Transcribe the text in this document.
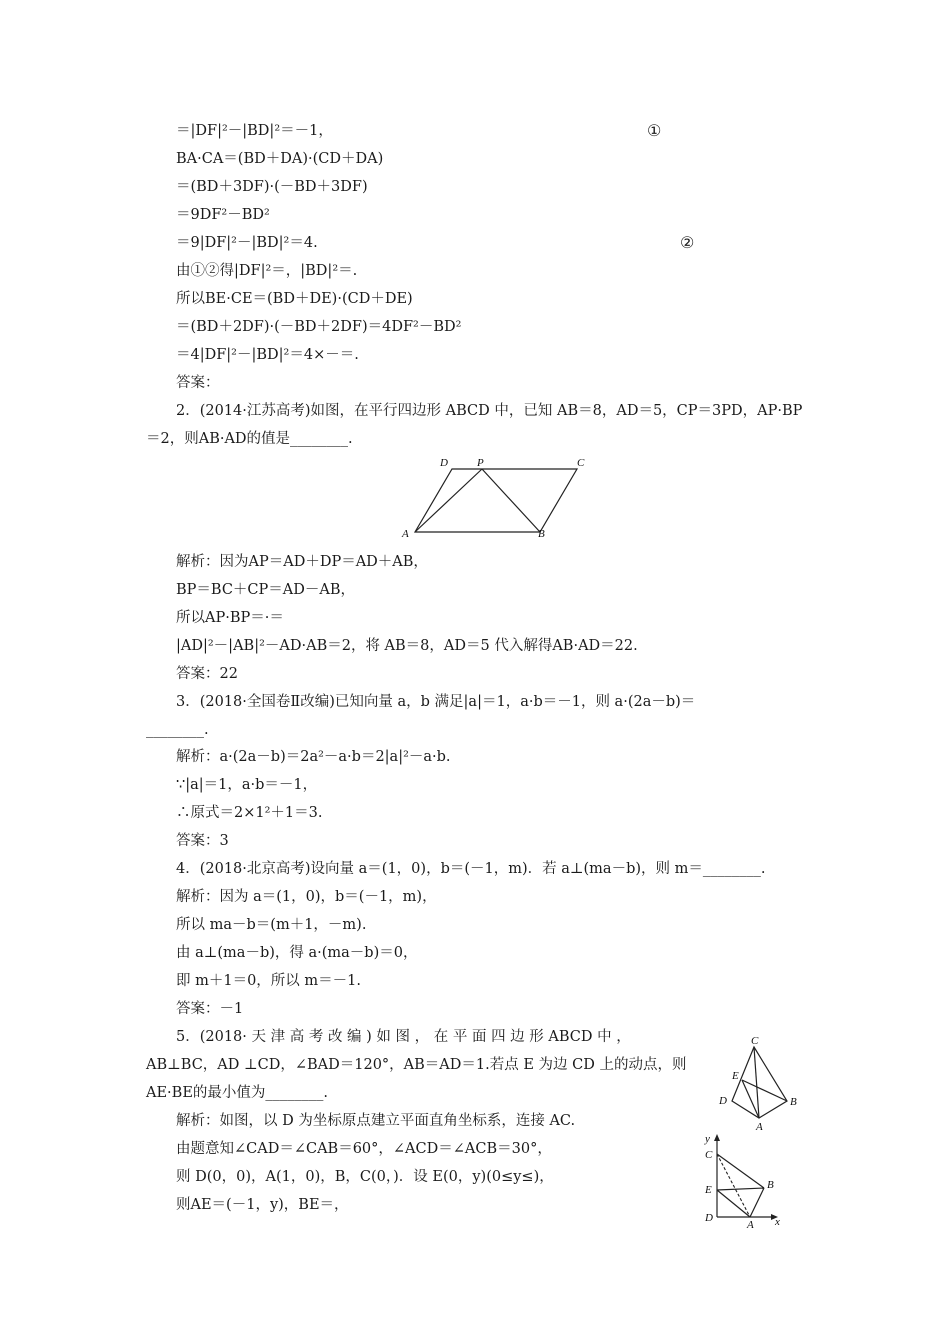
＝|DF|²－|BD|²＝－1，	①
BA·CA＝(BD＋DA)·(CD＋DA)
＝(BD＋3DF)·(－BD＋3DF)
＝9DF²－BD²
＝9|DF|²－|BD|²＝4.	②
由①②得|DF|²＝，|BD|²＝.
所以BE·CE＝(BD＋DE)·(CD＋DE)
＝(BD＋2DF)·(－BD＋2DF)＝4DF²－BD²
＝4|DF|²－|BD|²＝4×－＝.
答案：
2．(2014·江苏高考)如图，在平行四边形 ABCD 中，已知 AB＝8，AD＝5，CP＝3PD，AP·BP
＝2，则AB·AD的值是________.
D	P	C
A	B
解析：因为AP＝AD＋DP＝AD＋AB，
BP＝BC＋CP＝AD－AB，
所以AP·BP＝·＝
|AD|²－|AB|²－AD·AB＝2，将 AB＝8，AD＝5 代入解得AB·AD＝22.
答案：22
3．(2018·全国卷Ⅱ改编)已知向量 a，b 满足|a|＝1，a·b＝－1，则 a·(2a－b)＝
________.
解析：a·(2a－b)＝2a²－a·b＝2|a|²－a·b.
∵|a|＝1，a·b＝－1，
∴原式＝2×1²＋1＝3.
答案：3
4．(2018·北京高考)设向量 a＝(1，0)，b＝(－1，m)．若 a⊥(ma－b)，则 m＝________.
解析：因为 a＝(1，0)，b＝(－1，m)，
所以 ma－b＝(m＋1，－m).
由 a⊥(ma－b)，得 a·(ma－b)＝0，
即 m＋1＝0，所以 m＝－1.
答案：－1
5．(2018· 天 津 高 考 改 编 ) 如 图 ， 在 平 面 四 边 形 ABCD 中 ，
AB⊥BC，AD ⊥CD，∠BAD＝120°，AB＝AD＝1.若点 E 为边 CD 上的动点，则
AE·BE的最小值为________.
解析：如图，以 D 为坐标原点建立平面直角坐标系，连接 AC.
由题意知∠CAD＝∠CAB＝60°，∠ACD＝∠ACB＝30°，
则 D(0，0)，A(1，0)，B，C(0，)．设 E(0，y)(0≤y≤)，
则AE＝(－1，y)，BE＝，
C
E
D	B
A
y
C
E	B
D
A x
